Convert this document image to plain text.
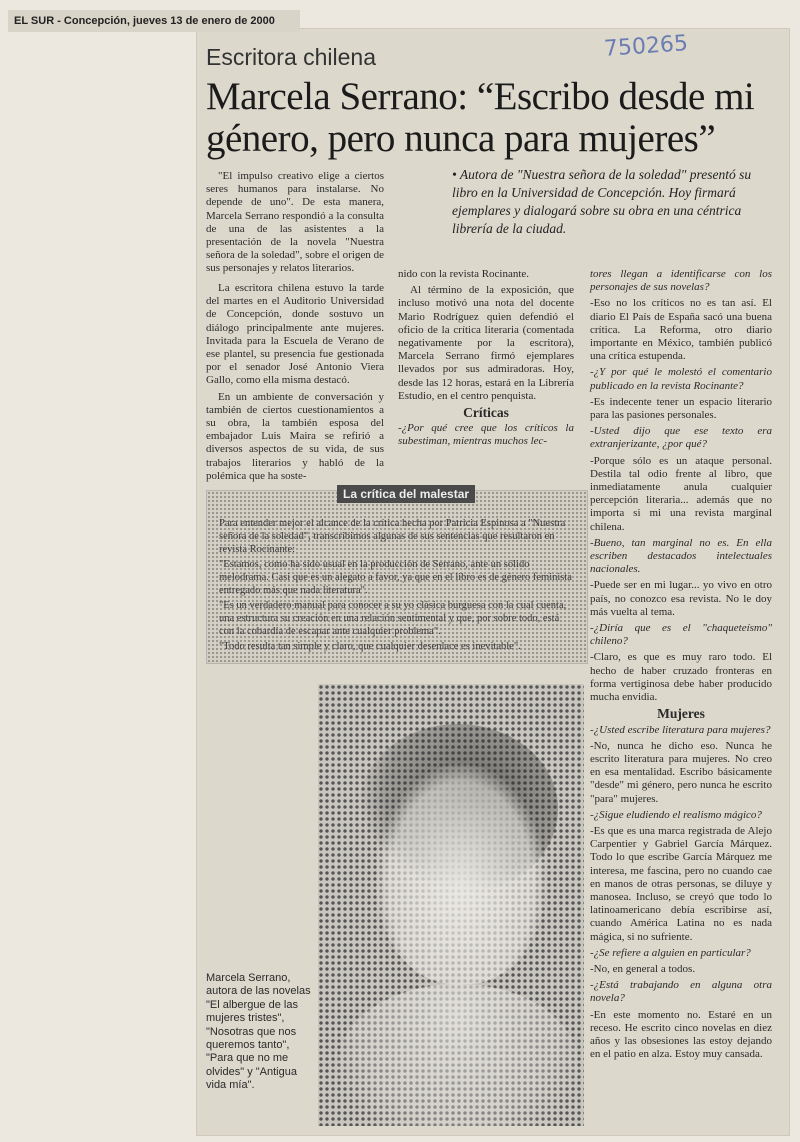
EL SUR - Concepción, jueves 13 de enero de 2000
750265
Escritora chilena
Marcela Serrano: “Escribo desde mi género, pero nunca para mujeres”
• Autora de "Nuestra señora de la soledad" presentó su libro en la Universidad de Concepción. Hoy firmará ejemplares y dialogará sobre su obra en una céntrica librería de la ciudad.

"El impulso creativo elige a ciertos seres humanos para instalarse. No depende de uno". De esta manera, Marcela Serrano respondió a la consulta de una de las asistentes a la presentación de la novela "Nuestra señora de la soledad", sobre el origen de sus personajes y relatos literarios.

La escritora chilena estuvo la tarde del martes en el Auditorio Universidad de Concepción, donde sostuvo un diálogo principalmente ante mujeres. Invitada para la Escuela de Verano de ese plantel, su presencia fue gestionada por el senador José Antonio Viera Gallo, como ella misma destacó.

En un ambiente de conversación y también de ciertos cuestionamientos a su obra, la también esposa del embajador Luis Maira se refirió a diversos aspectos de su vida, de sus trabajos literarios y habló de la polémica que ha soste-

nido con la revista Rocinante.

Al término de la exposición, que incluso motivó una nota del docente Mario Rodríguez quien defendió el oficio de la crítica literaria (comentada negativamente por la escritora), Marcela Serrano firmó ejemplares llevados por sus admiradoras. Hoy, desde las 12 horas, estará en la Librería Estudio, en el centro penquista.

Críticas

-¿Por qué cree que los críticos la subestiman, mientras muchos lec-

tores llegan a identificarse con los personajes de sus novelas?

-Eso no los críticos no es tan así. El diario El País de España sacó una buena crítica. La Reforma, otro diario importante en México, también publicó una crítica estupenda.

-¿Y por qué le molestó el comentario publicado en la revista Rocinante?

-Es indecente tener un espacio literario para las pasiones personales.

-Usted dijo que ese texto era extranjerizante, ¿por qué?

-Porque sólo es un ataque personal. Destila tal odio frente al libro, que inmediatamente anula cualquier percepción literaria... además que no importa si mi una revista marginal chilena.

-Bueno, tan marginal no es. En ella escriben destacados intelectuales nacionales.

-Puede ser en mi lugar... yo vivo en otro país, no conozco esa revista. No le doy más vuelta al tema.

-¿Diría que es el "chaqueteísmo" chileno?

-Claro, es que es muy raro todo. El hecho de haber cruzado fronteras en forma vertiginosa debe haber producido mucha envidia.

Mujeres

-¿Usted escribe literatura para mujeres?

-No, nunca he dicho eso. Nunca he escrito literatura para mujeres. No creo en esa mentalidad. Escribo básicamente "desde" mi género, pero nunca he escrito "para" mujeres.

-¿Sigue eludiendo el realismo mágico?

-Es que es una marca registrada de Alejo Carpentier y Gabriel García Márquez. Todo lo que escribe García Márquez me interesa, me fascina, pero no cuando cae en manos de otras personas, se diluye y manosea. Incluso, se creyó que todo lo latinoamericano debía escribirse así, cuando América Latina no es nada mágica, si no sufriente.

-¿Se refiere a alguien en particular?

-No, en general a todos.

-¿Está trabajando en alguna otra novela?

-En este momento no. Estaré en un receso. He escrito cinco novelas en diez años y las obsesiones las estoy dejando en el patio en alza. Estoy muy cansada.

La crítica del malestar
Para entender mejor el alcance de la crítica hecha por Patricia Espinosa a "Nuestra señora de la soledad", transcribimos algunas de sus sentencias que resultaron en revista Rocinante:
"Estamos, como ha sido usual en la producción de Serrano, ante un sólido melodrama. Casi que es un alegato a favor, ya que en el libro es de género feminista entregado más que nada literatura".
"Es un verdadero manual para conocer a su yo clásica burguesa con la cual cuenta, una estructura su creación en una relación sentimental y que, por sobre todo, está con la cobardía de escapar ante cualquier problema".
"Todo resulta tan simple y claro, que cualquier desenlace es inevitable".
Marcela Serrano, autora de las novelas "El albergue de las mujeres tristes", "Nosotras que nos queremos tanto", "Para que no me olvides" y "Antigua vida mía".
